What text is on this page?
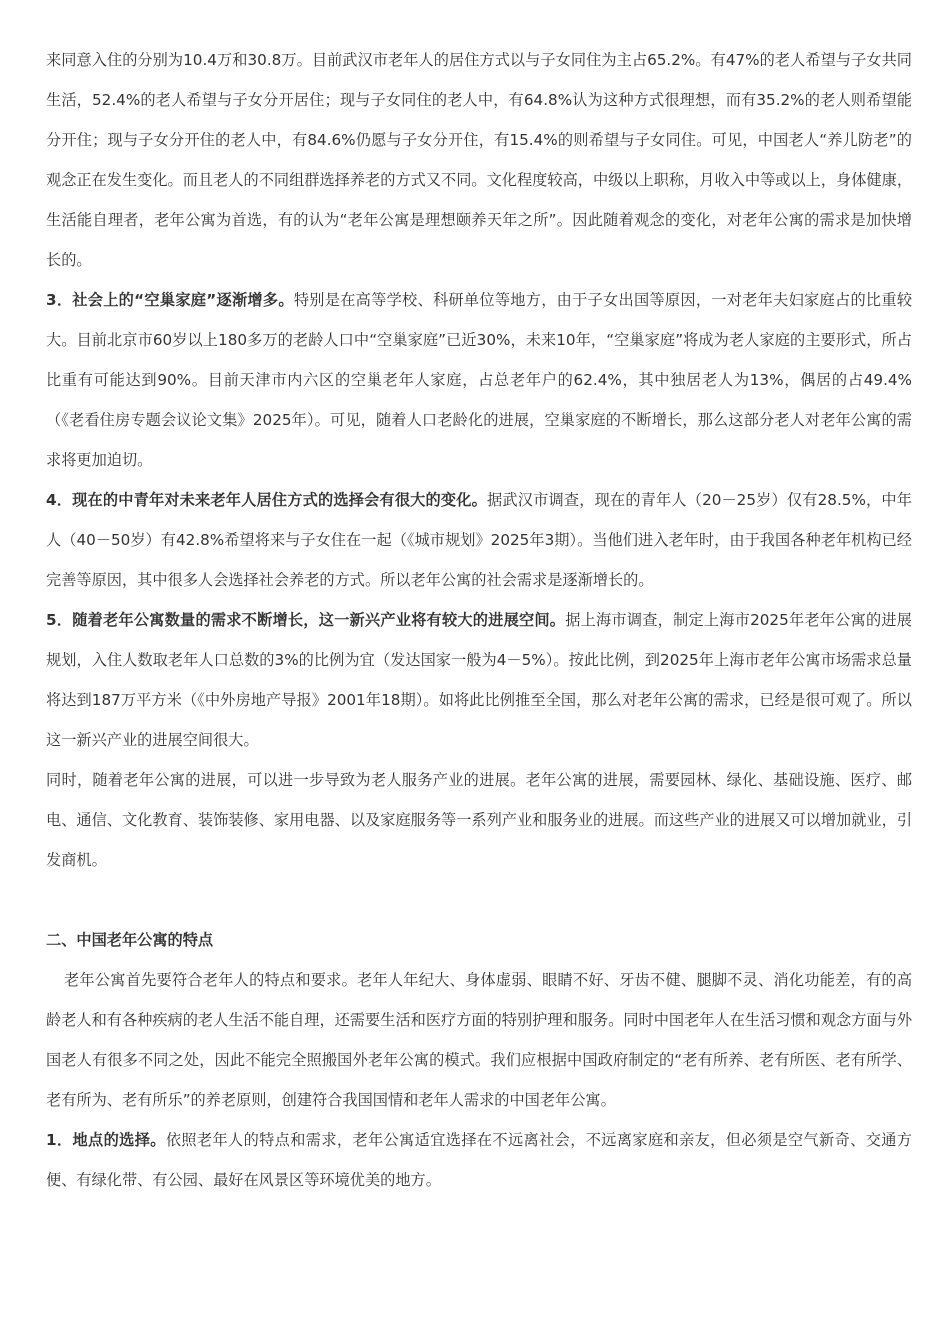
来同意入住的分别为10.4万和30.8万。目前武汉市老年人的居住方式以与子女同住为主占65.2%。有47%的老人希望与子女共同生活，52.4%的老人希望与子女分开居住；现与子女同住的老人中，有64.8%认为这种方式很理想，而有35.2%的老人则希望能分开住；现与子女分开住的老人中，有84.6%仍愿与子女分开住，有15.4%的则希望与子女同住。可见，中国老人“养儿防老”的观念正在发生变化。而且老人的不同组群选择养老的方式又不同。文化程度较高，中级以上职称，月收入中等或以上，身体健康，生活能自理者，老年公寓为首选，有的认为“老年公寓是理想颐养天年之所”。因此随着观念的变化，对老年公寓的需求是加快增长的。

3．社会上的“空巢家庭”逐渐增多。特别是在高等学校、科研单位等地方，由于子女出国等原因，一对老年夫妇家庭占的比重较大。目前北京市60岁以上180多万的老龄人口中“空巢家庭”已近30%，未来10年，“空巢家庭”将成为老人家庭的主要形式，所占比重有可能达到90%。目前天津市内六区的空巢老年人家庭，占总老年户的62.4%，其中独居老人为13%，偶居的占49.4%（《老看住房专题会议论文集》2025年）。可见，随着人口老龄化的进展，空巢家庭的不断增长，那么这部分老人对老年公寓的需求将更加迫切。

4．现在的中青年对未来老年人居住方式的选择会有很大的变化。据武汉市调查，现在的青年人（20－25岁）仅有28.5%，中年人（40－50岁）有42.8%希望将来与子女住在一起（《城市规划》2025年3期）。当他们进入老年时，由于我国各种老年机构已经完善等原因，其中很多人会选择社会养老的方式。所以老年公寓的社会需求是逐渐增长的。

5．随着老年公寓数量的需求不断增长，这一新兴产业将有较大的进展空间。据上海市调查，制定上海市2025年老年公寓的进展规划，入住人数取老年人口总数的3%的比例为宜（发达国家一般为4－5%）。按此比例，到2025年上海市老年公寓市场需求总量将达到187万平方米（《中外房地产导报》2001年18期）。如将此比例推至全国，那么对老年公寓的需求，已经是很可观了。所以这一新兴产业的进展空间很大。

同时，随着老年公寓的进展，可以进一步导致为老人服务产业的进展。老年公寓的进展，需要园林、绿化、基础设施、医疗、邮电、通信、文化教育、装饰装修、家用电器、以及家庭服务等一系列产业和服务业的进展。而这些产业的进展又可以增加就业，引发商机。

二、中国老年公寓的特点

老年公寓首先要符合老年人的特点和要求。老年人年纪大、身体虚弱、眼睛不好、牙齿不健、腿脚不灵、消化功能差，有的高龄老人和有各种疾病的老人生活不能自理，还需要生活和医疗方面的特别护理和服务。同时中国老年人在生活习惯和观念方面与外国老人有很多不同之处，因此不能完全照搬国外老年公寓的模式。我们应根据中国政府制定的“老有所养、老有所医、老有所学、老有所为、老有所乐”的养老原则，创建符合我国国情和老年人需求的中国老年公寓。

1．地点的选择。依照老年人的特点和需求，老年公寓适宜选择在不远离社会，不远离家庭和亲友，但必须是空气新奇、交通方便、有绿化带、有公园、最好在风景区等环境优美的地方。
